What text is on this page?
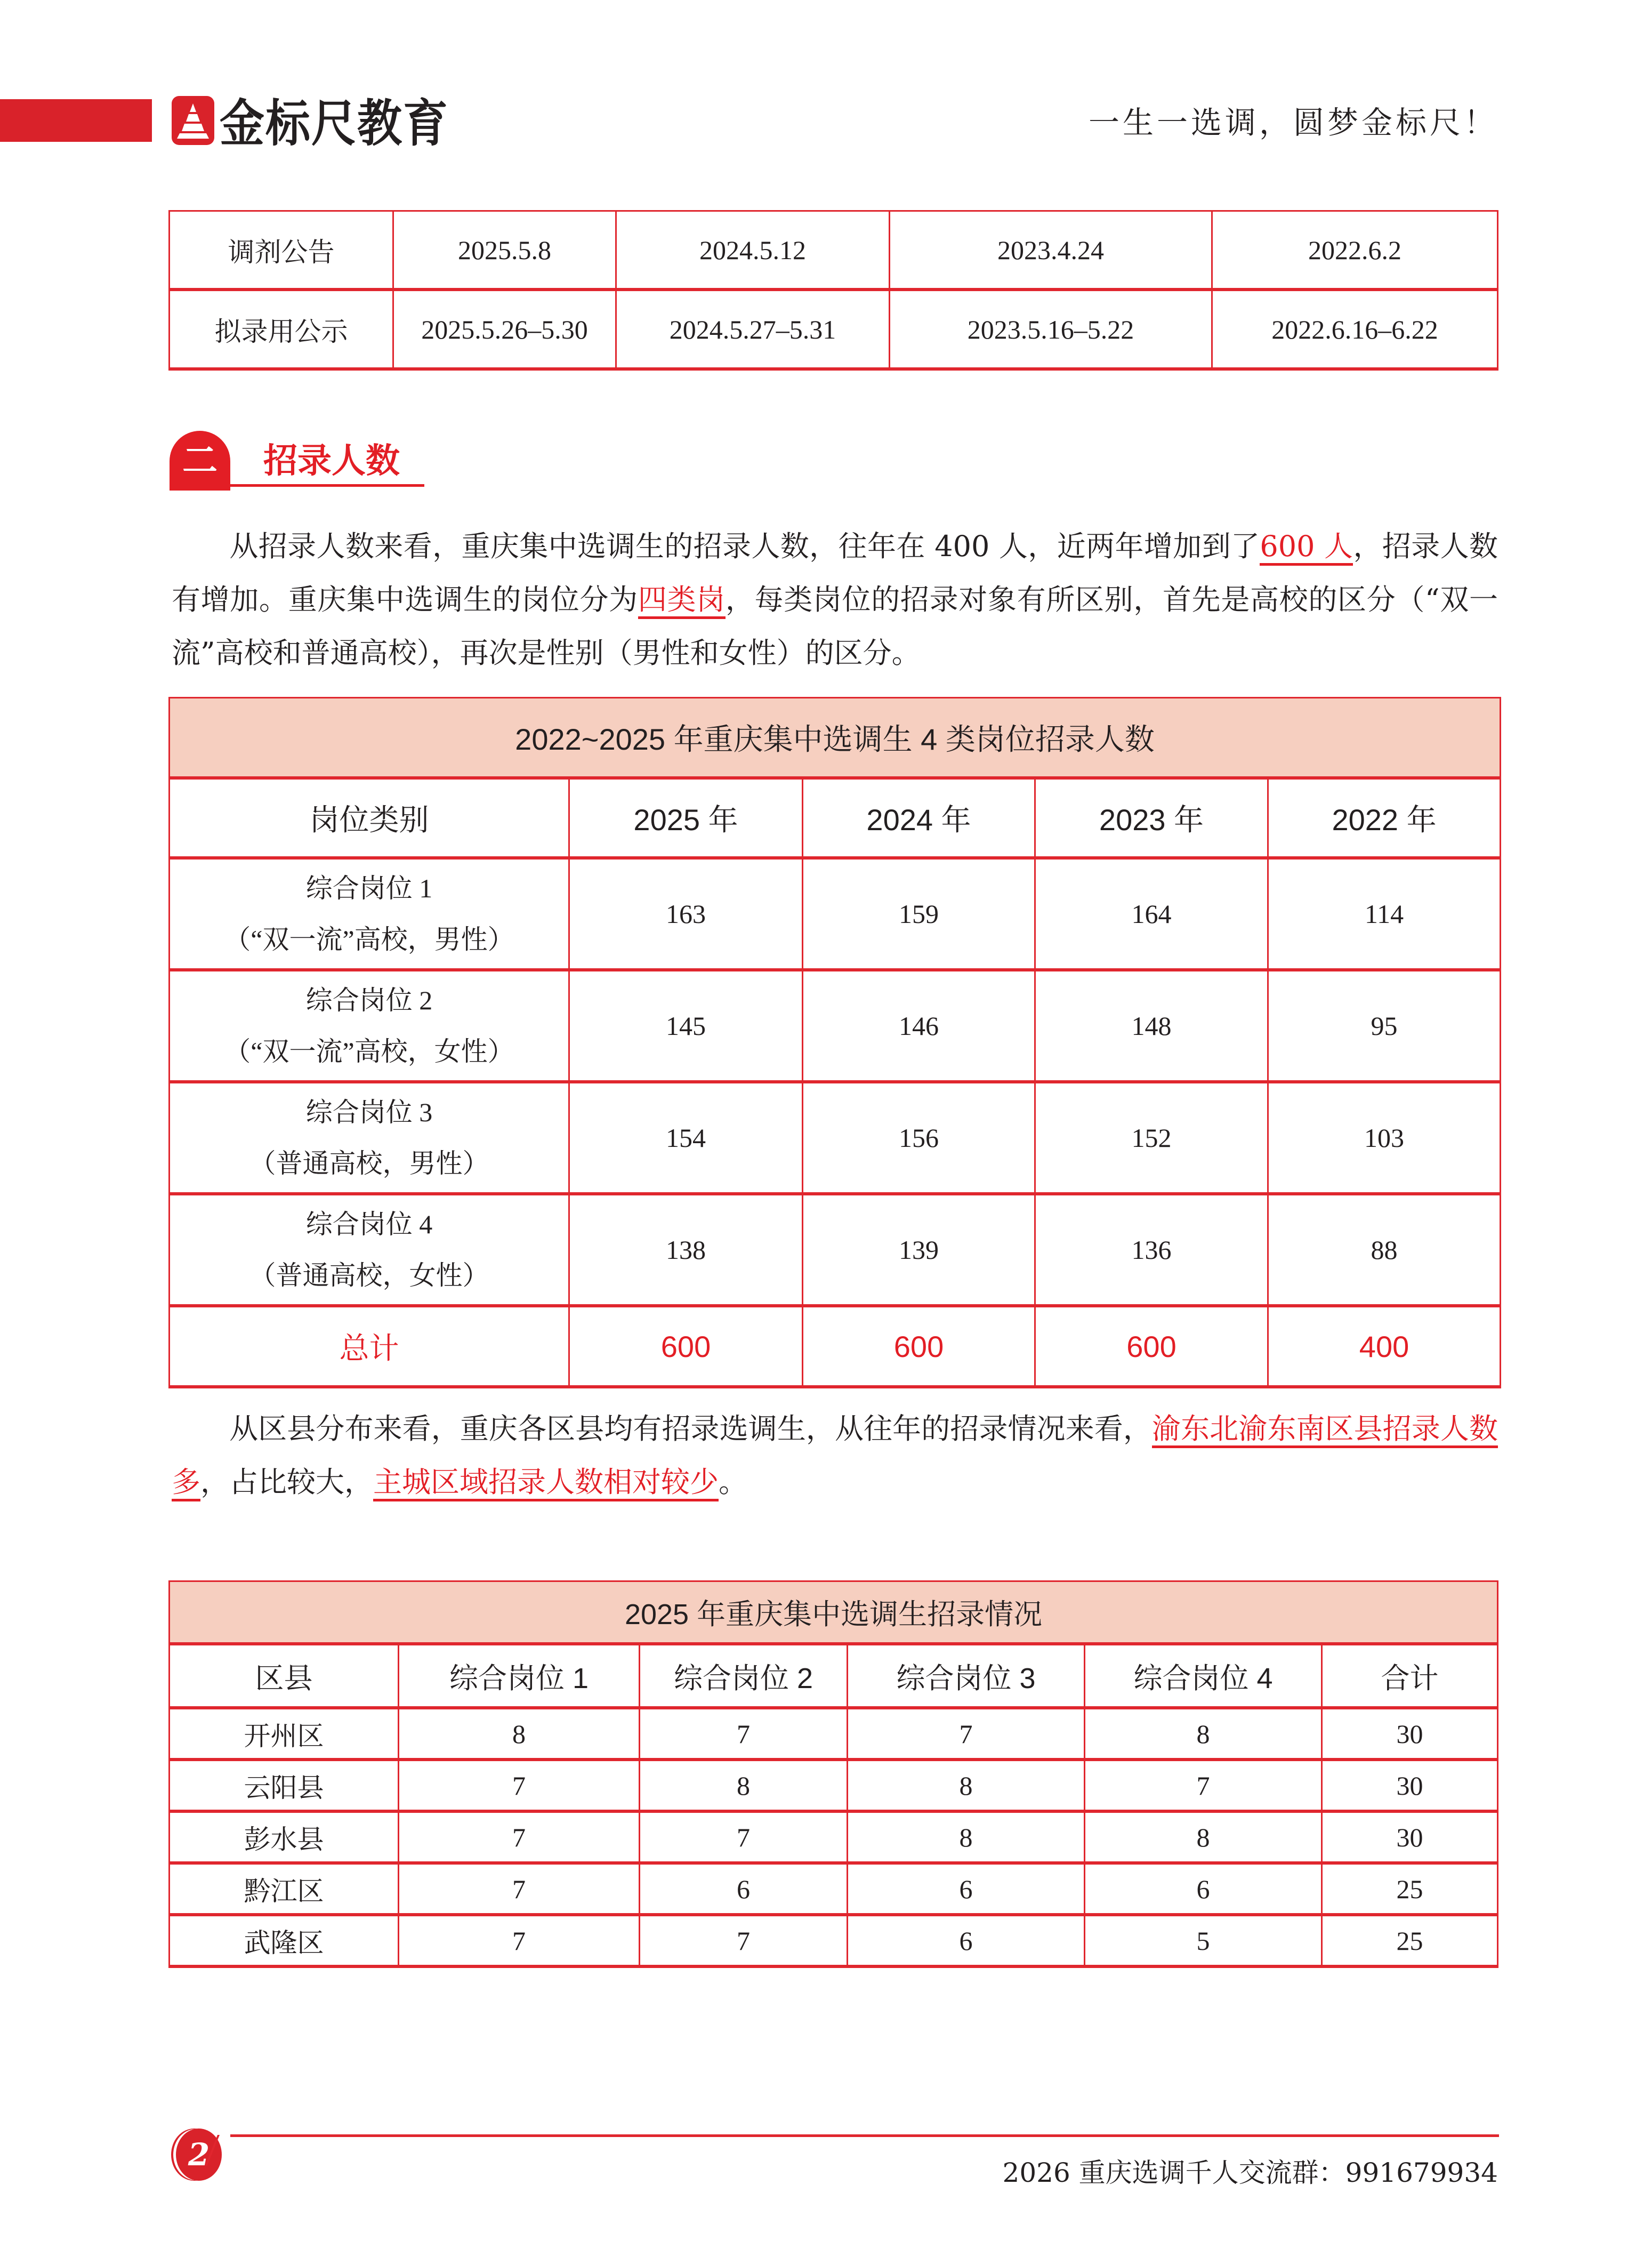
金标尺教育	一生一选调，圆梦金标尺！
调剂公告	2025.5.8	2024.5.12	2023.4.24	2022.6.2
拟录用公示	2025.5.26–5.30	2024.5.27–5.31	2023.5.16–5.22	2022.6.16–6.22
二	招录人数
从招录人数来看，重庆集中选调生的招录人数，往年在 400 人，近两年增加到了600 人，招录人数有增加。重庆集中选调生的岗位分为四类岗，每类岗位的招录对象有所区别，首先是高校的区分（“双一流”高校和普通高校），再次是性别（男性和女性）的区分。
2022~2025 年重庆集中选调生 4 类岗位招录人数				
岗位类别	2025 年	2024 年	2023 年	2022 年

综合岗位 1
（“双一流”高校，男性）	163	159	164	114

综合岗位 2
（“双一流”高校，女性）	145	146	148	95

综合岗位 3
（普通高校，男性）	154	156	152	103

综合岗位 4
（普通高校，女性）	138	139	136	88
总计	600	600	600	400
从区县分布来看，重庆各区县均有招录选调生，从往年的招录情况来看，渝东北渝东南区县招录人数多，占比较大，主城区域招录人数相对较少。
2025 年重庆集中选调生招录情况					
区县	综合岗位 1	综合岗位 2	综合岗位 3	综合岗位 4	合计
开州区	8	7	7	8	30
云阳县	7	8	8	7	30
彭水县	7	7	8	8	30
黔江区	7	6	6	6	25
武隆区	7	7	6	5	25
2	2026 重庆选调千人交流群：991679934
